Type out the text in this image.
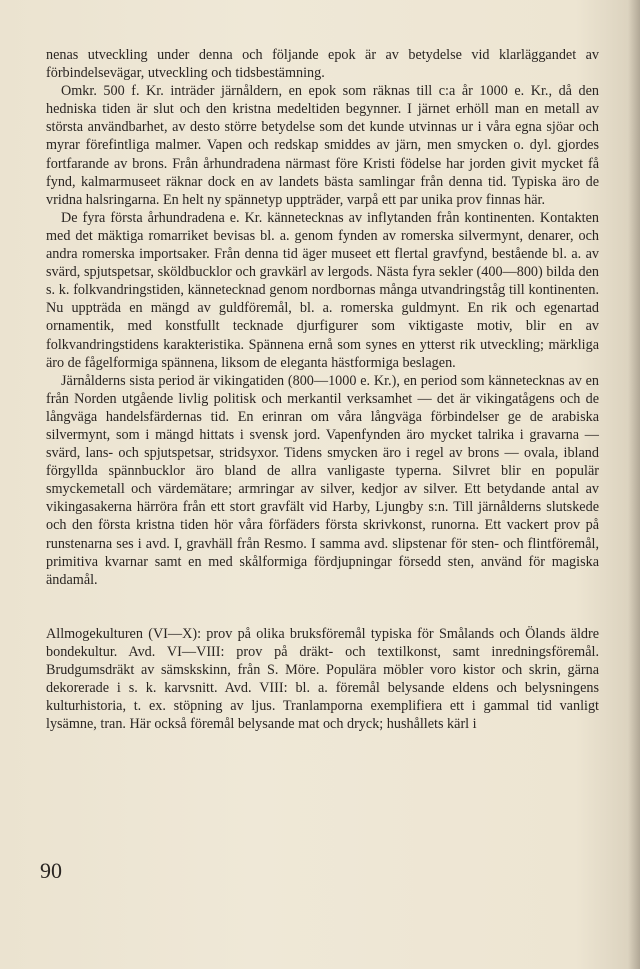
nenas utveckling under denna och följande epok är av betydelse vid klarläggandet av förbindelsevägar, utveckling och tidsbestämning.

Omkr. 500 f. Kr. inträder järnåldern, en epok som räknas till c:a år 1000 e. Kr., då den hedniska tiden är slut och den kristna medeltiden begynner. I järnet erhöll man en metall av största användbarhet, av desto större betydelse som det kunde utvinnas ur i våra egna sjöar och myrar förefintliga malmer. Vapen och redskap smiddes av järn, men smycken o. dyl. gjordes fortfarande av brons. Från århundradena närmast före Kristi födelse har jorden givit mycket få fynd, kalmarmuseet räknar dock en av landets bästa samlingar från denna tid. Typiska äro de vridna halsringarna. En helt ny spännetyp uppträder, varpå ett par unika prov finnas här.

De fyra första århundradena e. Kr. kännetecknas av inflytanden från kontinenten. Kontakten med det mäktiga romarriket bevisas bl. a. genom fynden av romerska silvermynt, denarer, och andra romerska importsaker. Från denna tid äger museet ett flertal gravfynd, bestående bl. a. av svärd, spjutspetsar, sköldbucklor och gravkärl av lergods. Nästa fyra sekler (400—800) bilda den s. k. folkvandringstiden, kännetecknad genom nordbornas många utvandringståg till kontinenten. Nu uppträda en mängd av guldföremål, bl. a. romerska guldmynt. En rik och egenartad ornamentik, med konstfullt tecknade djurfigurer som viktigaste motiv, blir en av folkvandringstidens karakteristika. Spännena ernå som synes en ytterst rik utveckling; märkliga äro de fågelformiga spännena, liksom de eleganta hästformiga beslagen.

Järnålderns sista period är vikingatiden (800—1000 e. Kr.), en period som kännetecknas av en från Norden utgående livlig politisk och merkantil verksamhet — det är vikingatågens och de långväga handelsfärdernas tid. En erinran om våra långväga förbindelser ge de arabiska silvermynt, som i mängd hittats i svensk jord. Vapenfynden äro mycket talrika i gravarna — svärd, lans- och spjutspetsar, stridsyxor. Tidens smycken äro i regel av brons — ovala, ibland förgyllda spännbucklor äro bland de allra vanligaste typerna. Silvret blir en populär smyckemetall och värdemätare; armringar av silver, kedjor av silver. Ett betydande antal av vikingasakerna härröra från ett stort gravfält vid Harby, Ljungby s:n. Till järnålderns slutskede och den första kristna tiden hör våra förfäders första skrivkonst, runorna. Ett vackert prov på runstenarna ses i avd. I, gravhäll från Resmo. I samma avd. slipstenar för sten- och flintföremål, primitiva kvarnar samt en med skålformiga fördjupningar försedd sten, använd för magiska ändamål.

Allmogekulturen (VI—X): prov på olika bruksföremål typiska för Smålands och Ölands äldre bondekultur. Avd. VI—VIII: prov på dräkt- och textilkonst, samt inredningsföremål. Brudgumsdräkt av sämskskinn, från S. Möre. Populära möbler voro kistor och skrin, gärna dekorerade i s. k. karvsnitt. Avd. VIII: bl. a. föremål belysande eldens och belysningens kulturhistoria, t. ex. stöpning av ljus. Tranlamporna exemplifiera ett i gammal tid vanligt lysämne, tran. Här också föremål belysande mat och dryck; hushållets kärl i

90
